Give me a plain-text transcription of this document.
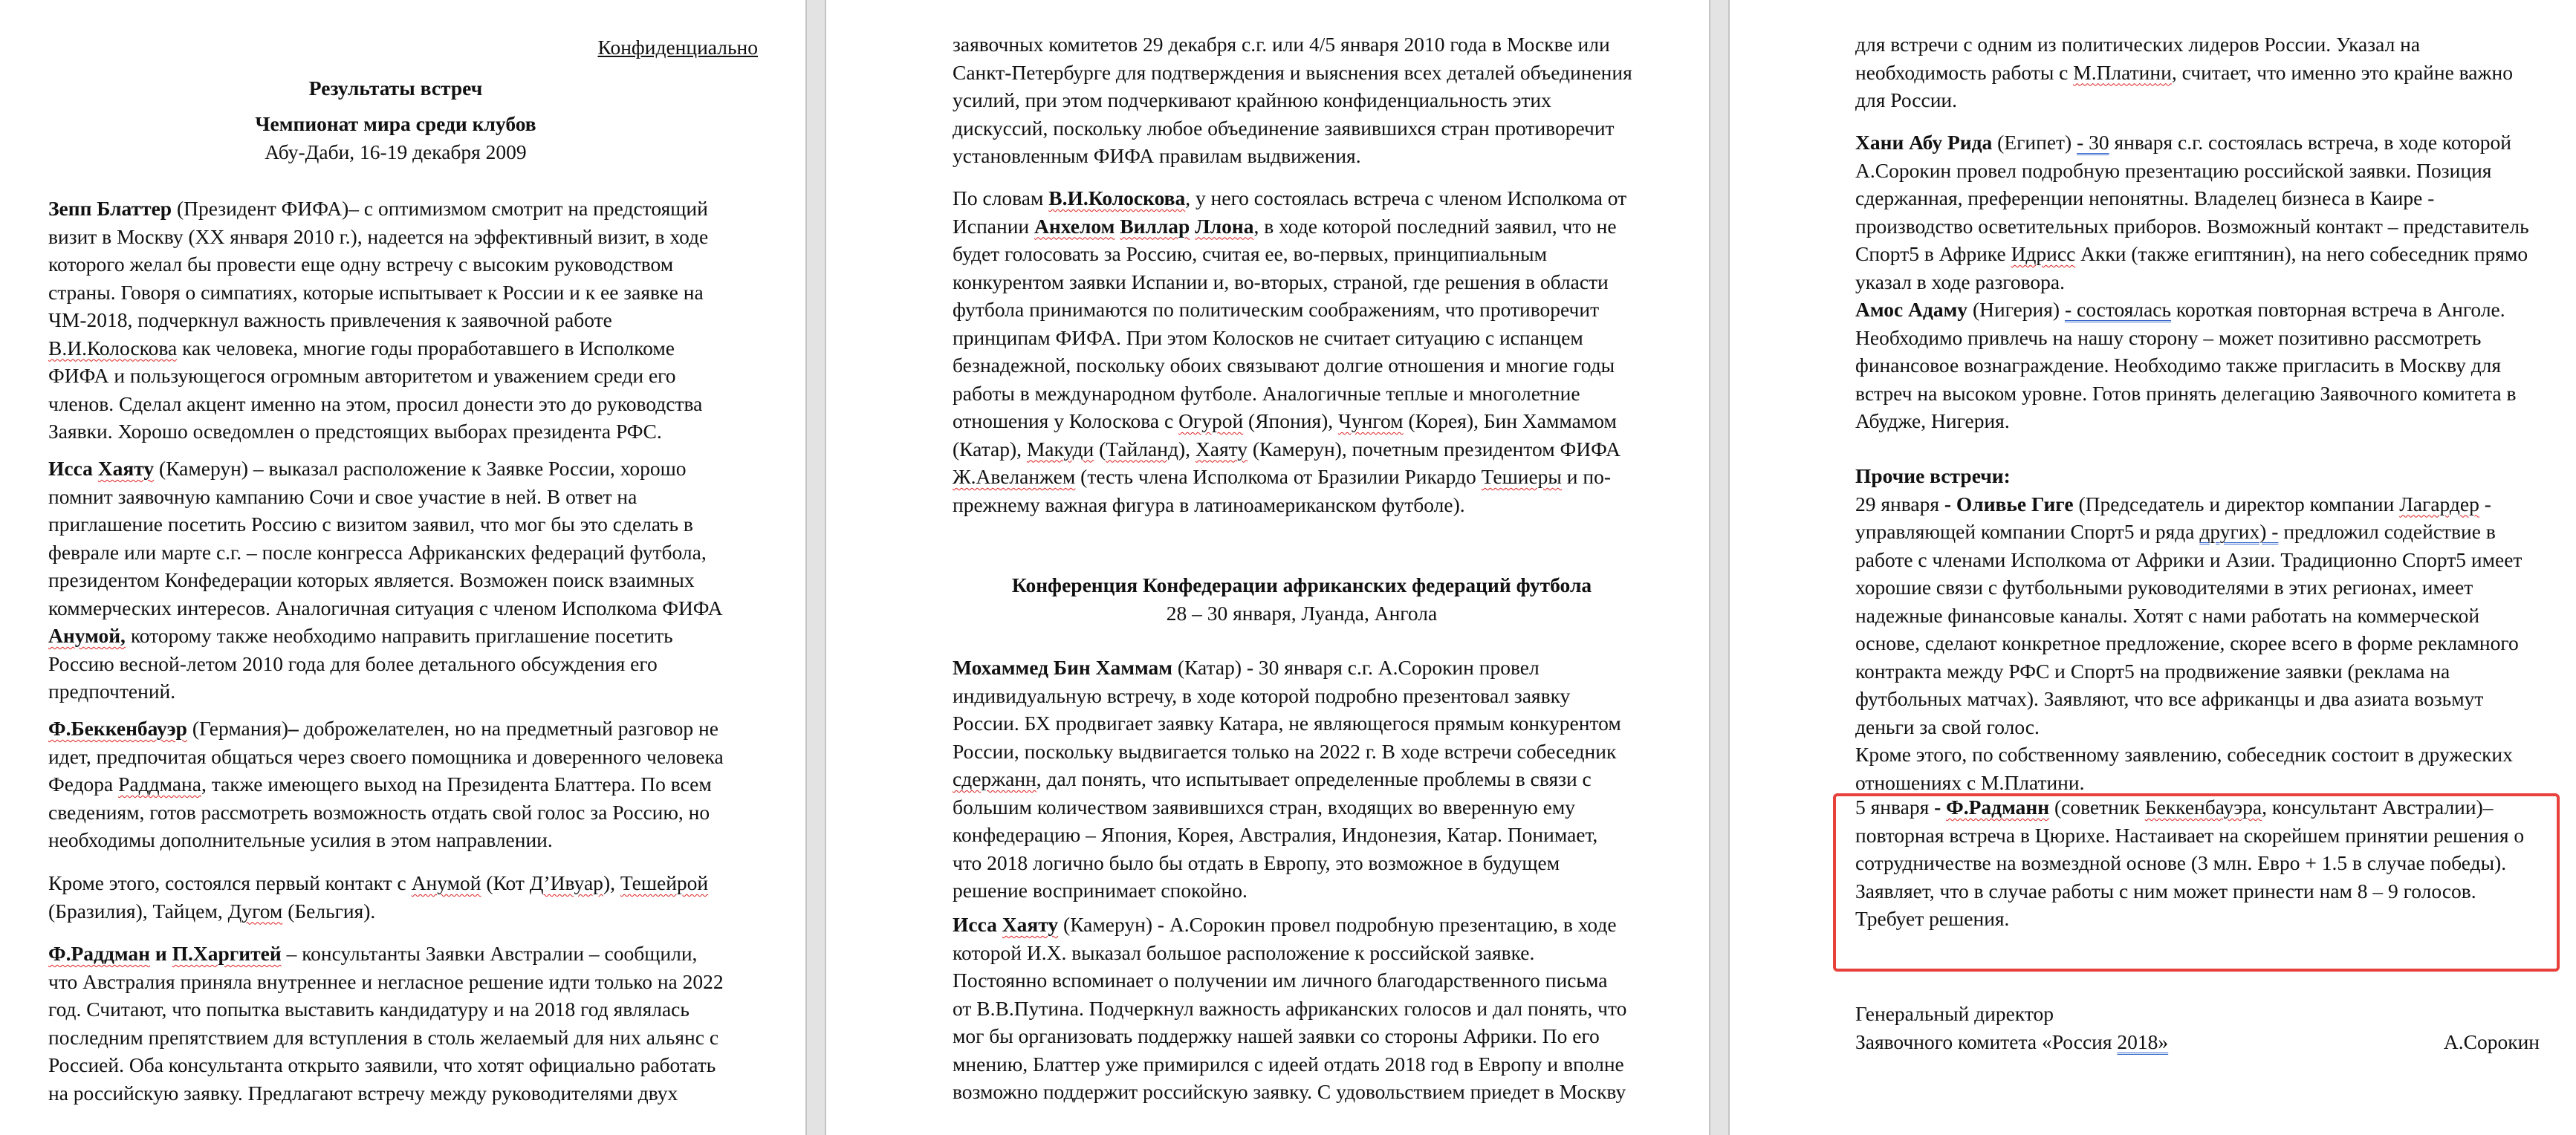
Конфиденциально
Результаты встреч
Чемпионат мира среди клубов
Абу-Даби, 16-19 декабря 2009
Зепп Блаттер (Президент ФИФА)– с оптимизмом смотрит на предстоящий
визит в Москву (XX января 2010 г.), надеется на эффективный визит, в ходе
которого желал бы провести еще одну встречу с высоким руководством
страны. Говоря о симпатиях, которые испытывает к России и к ее заявке на
ЧМ-2018, подчеркнул важность привлечения к заявочной работе
В.И.Колоскова как человека, многие годы проработавшего в Исполкоме
ФИФА и пользующегося огромным авторитетом и уважением среди его
членов. Сделал акцент именно на этом, просил донести это до руководства
Заявки. Хорошо осведомлен о предстоящих выборах президента РФС.
Исса Хаяту (Камерун) – выказал расположение к Заявке России, хорошо
помнит заявочную кампанию Сочи и свое участие в ней. В ответ на
приглашение посетить Россию с визитом заявил, что мог бы это сделать в
феврале или марте с.г. – после конгресса Африканских федераций футбола,
президентом Конфедерации которых является. Возможен поиск взаимных
коммерческих интересов. Аналогичная ситуация с членом Исполкома ФИФА
Анумой, которому также необходимо направить приглашение посетить
Россию весной-летом 2010 года для более детального обсуждения его
предпочтений.
Ф.Беккенбауэр (Германия)– доброжелателен, но на предметный разговор не
идет, предпочитая общаться через своего помощника и доверенного человека
Федора Раддмана, также имеющего выход на Президента Блаттера. По всем
сведениям, готов рассмотреть возможность отдать свой голос за Россию, но
необходимы дополнительные усилия в этом направлении.
Кроме этого, состоялся первый контакт с Анумой (Кот Д’Ивуар), Тешейрой
(Бразилия), Тайцем, Дугом (Бельгия).
Ф.Раддман и П.Харгитей – консультанты Заявки Австралии – сообщили,
что Австралия приняла внутреннее и негласное решение идти только на 2022
год. Считают, что попытка выставить кандидатуру и на 2018 год являлась
последним препятствием для вступления в столь желаемый для них альянс с
Россией. Оба консультанта открыто заявили, что хотят официально работать
на российскую заявку. Предлагают встречу между руководителями двух
заявочных комитетов 29 декабря с.г. или 4/5 января 2010 года в Москве или
Санкт-Петербурге для подтверждения и выяснения всех деталей объединения
усилий, при этом подчеркивают крайнюю конфиденциальность этих
дискуссий, поскольку любое объединение заявившихся стран противоречит
установленным ФИФА правилам выдвижения.
По словам В.И.Колоскова, у него состоялась встреча с членом Исполкома от
Испании Анхелом Виллар Ллона, в ходе которой последний заявил, что не
будет голосовать за Россию, считая ее, во-первых, принципиальным
конкурентом заявки Испании и, во-вторых, страной, где решения в области
футбола принимаются по политическим соображениям, что противоречит
принципам ФИФА. При этом Колосков не считает ситуацию с испанцем
безнадежной, поскольку обоих связывают долгие отношения и многие годы
работы в международном футболе. Аналогичные теплые и многолетние
отношения у Колоскова с Огурой (Япония), Чунгом (Корея), Бин Хаммамом
(Катар), Макуди (Тайланд), Хаяту (Камерун), почетным президентом ФИФА
Ж.Авеланжем (тесть члена Исполкома от Бразилии Рикардо Тешиеры и по-
прежнему важная фигура в латиноамериканском футболе).
Конференция Конфедерации африканских федераций футбола
28 – 30 января, Луанда, Ангола
Мохаммед Бин Хаммам (Катар) - 30 января с.г. А.Сорокин провел
индивидуальную встречу, в ходе которой подробно презентовал заявку
России. БХ продвигает заявку Катара, не являющегося прямым конкурентом
России, поскольку выдвигается только на 2022 г. В ходе встречи собеседник
сдержанн, дал понять, что испытывает определенные проблемы в связи с
большим количеством заявившихся стран, входящих во вверенную ему
конфедерацию – Япония, Корея, Австралия, Индонезия, Катар. Понимает,
что 2018 логично было бы отдать в Европу, это возможное в будущем
решение воспринимает спокойно.
Исса Хаяту (Камерун) - А.Сорокин провел подробную презентацию, в ходе
которой И.Х. выказал большое расположение к российской заявке.
Постоянно вспоминает о получении им личного благодарственного письма
от В.В.Путина. Подчеркнул важность африканских голосов и дал понять, что
мог бы организовать поддержку нашей заявки со стороны Африки. По его
мнению, Блаттер уже примирился с идеей отдать 2018 год в Европу и вполне
возможно поддержит российскую заявку. С удовольствием приедет в Москву
для встречи с одним из политических лидеров России. Указал на
необходимость работы с М.Платини, считает, что именно это крайне важно
для России.
Хани Абу Рида (Египет) - 30 января с.г. состоялась встреча, в ходе которой
А.Сорокин провел подробную презентацию российской заявки. Позиция
сдержанная, преференции непонятны. Владелец бизнеса в Каире -
производство осветительных приборов. Возможный контакт – представитель
Спорт5 в Африке Идрисс Акки (также египтянин), на него собеседник прямо
указал в ходе разговора.
Амос Адаму (Нигерия) - состоялась короткая повторная встреча в Анголе.
Необходимо привлечь на нашу сторону – может позитивно рассмотреть
финансовое вознаграждение. Необходимо также пригласить в Москву для
встреч на высоком уровне. Готов принять делегацию Заявочного комитета в
Абудже, Нигерия.
Прочие встречи:
29 января - Оливье Гиге (Председатель и директор компании Лагардер -
управляющей компании Спорт5 и ряда других) - предложил содействие в
работе с членами Исполкома от Африки и Азии. Традиционно Спорт5 имеет
хорошие связи с футбольными руководителями в этих регионах, имеет
надежные финансовые каналы. Хотят с нами работать на коммерческой
основе, сделают конкретное предложение, скорее всего в форме рекламного
контракта между РФС и Спорт5 на продвижение заявки (реклама на
футбольных матчах). Заявляют, что все африканцы и два азиата возьмут
деньги за свой голос.
Кроме этого, по собственному заявлению, собеседник состоит в дружеских
отношениях с М.Платини.
5 января - Ф.Радманн (советник Беккенбауэра, консультант Австралии)–
повторная встреча в Цюрихе. Настаивает на скорейшем принятии решения о
сотрудничестве на возмездной основе (3 млн. Евро + 1.5 в случае победы).
Заявляет, что в случае работы с ним может принести нам 8 – 9 голосов.
Требует решения.
Генеральный директор
Заявочного комитета «Россия 2018»	А.Сорокин
